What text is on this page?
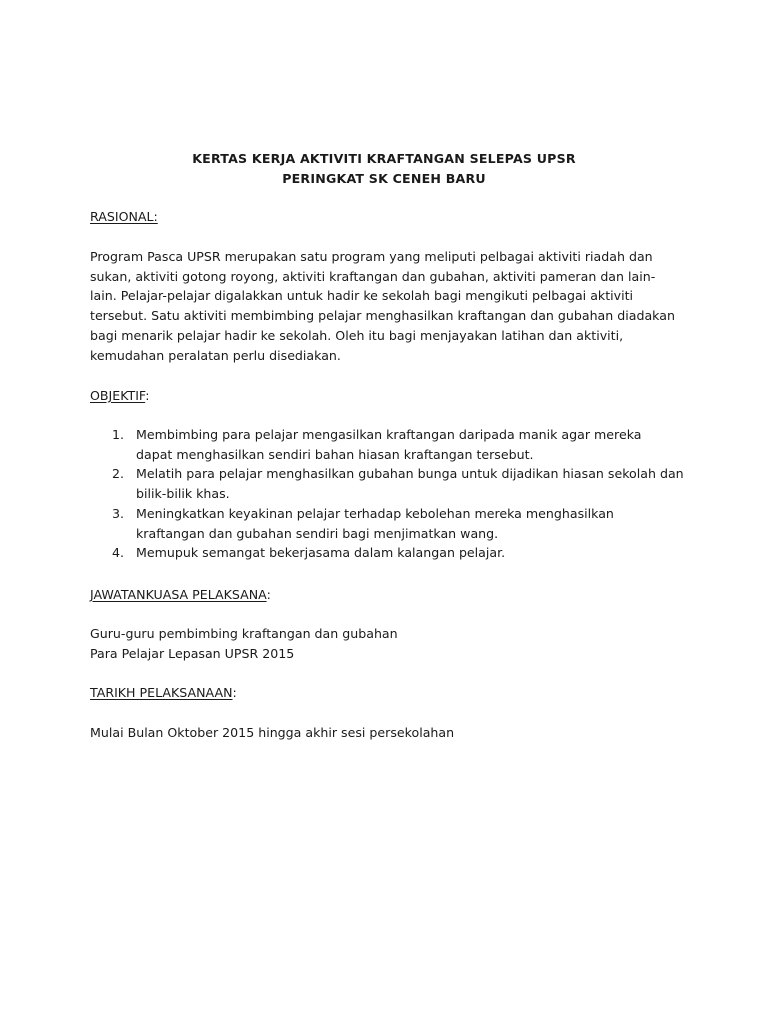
KERTAS KERJA AKTIVITI KRAFTANGAN SELEPAS UPSR
PERINGKAT SK CENEH BARU
RASIONAL:
Program Pasca UPSR merupakan satu program yang meliputi pelbagai aktiviti riadah dan
sukan, aktiviti gotong royong, aktiviti kraftangan dan gubahan, aktiviti pameran dan lain-
lain. Pelajar-pelajar digalakkan untuk hadir ke sekolah bagi mengikuti pelbagai aktiviti
tersebut. Satu aktiviti membimbing pelajar menghasilkan kraftangan dan gubahan diadakan
bagi menarik pelajar hadir ke sekolah. Oleh itu bagi menjayakan latihan dan aktiviti,
kemudahan peralatan perlu disediakan.
OBJEKTIF:
1. Membimbing para pelajar mengasilkan kraftangan daripada manik agar mereka
dapat menghasilkan sendiri bahan hiasan kraftangan tersebut.
2. Melatih para pelajar menghasilkan gubahan bunga untuk dijadikan hiasan sekolah dan
bilik-bilik khas.
3. Meningkatkan keyakinan pelajar terhadap kebolehan mereka menghasilkan
kraftangan dan gubahan sendiri bagi menjimatkan wang.
4. Memupuk semangat bekerjasama dalam kalangan pelajar.
JAWATANKUASA PELAKSANA:
Guru-guru pembimbing kraftangan dan gubahan
Para Pelajar Lepasan UPSR 2015
TARIKH PELAKSANAAN:
Mulai Bulan Oktober 2015 hingga akhir sesi persekolahan
